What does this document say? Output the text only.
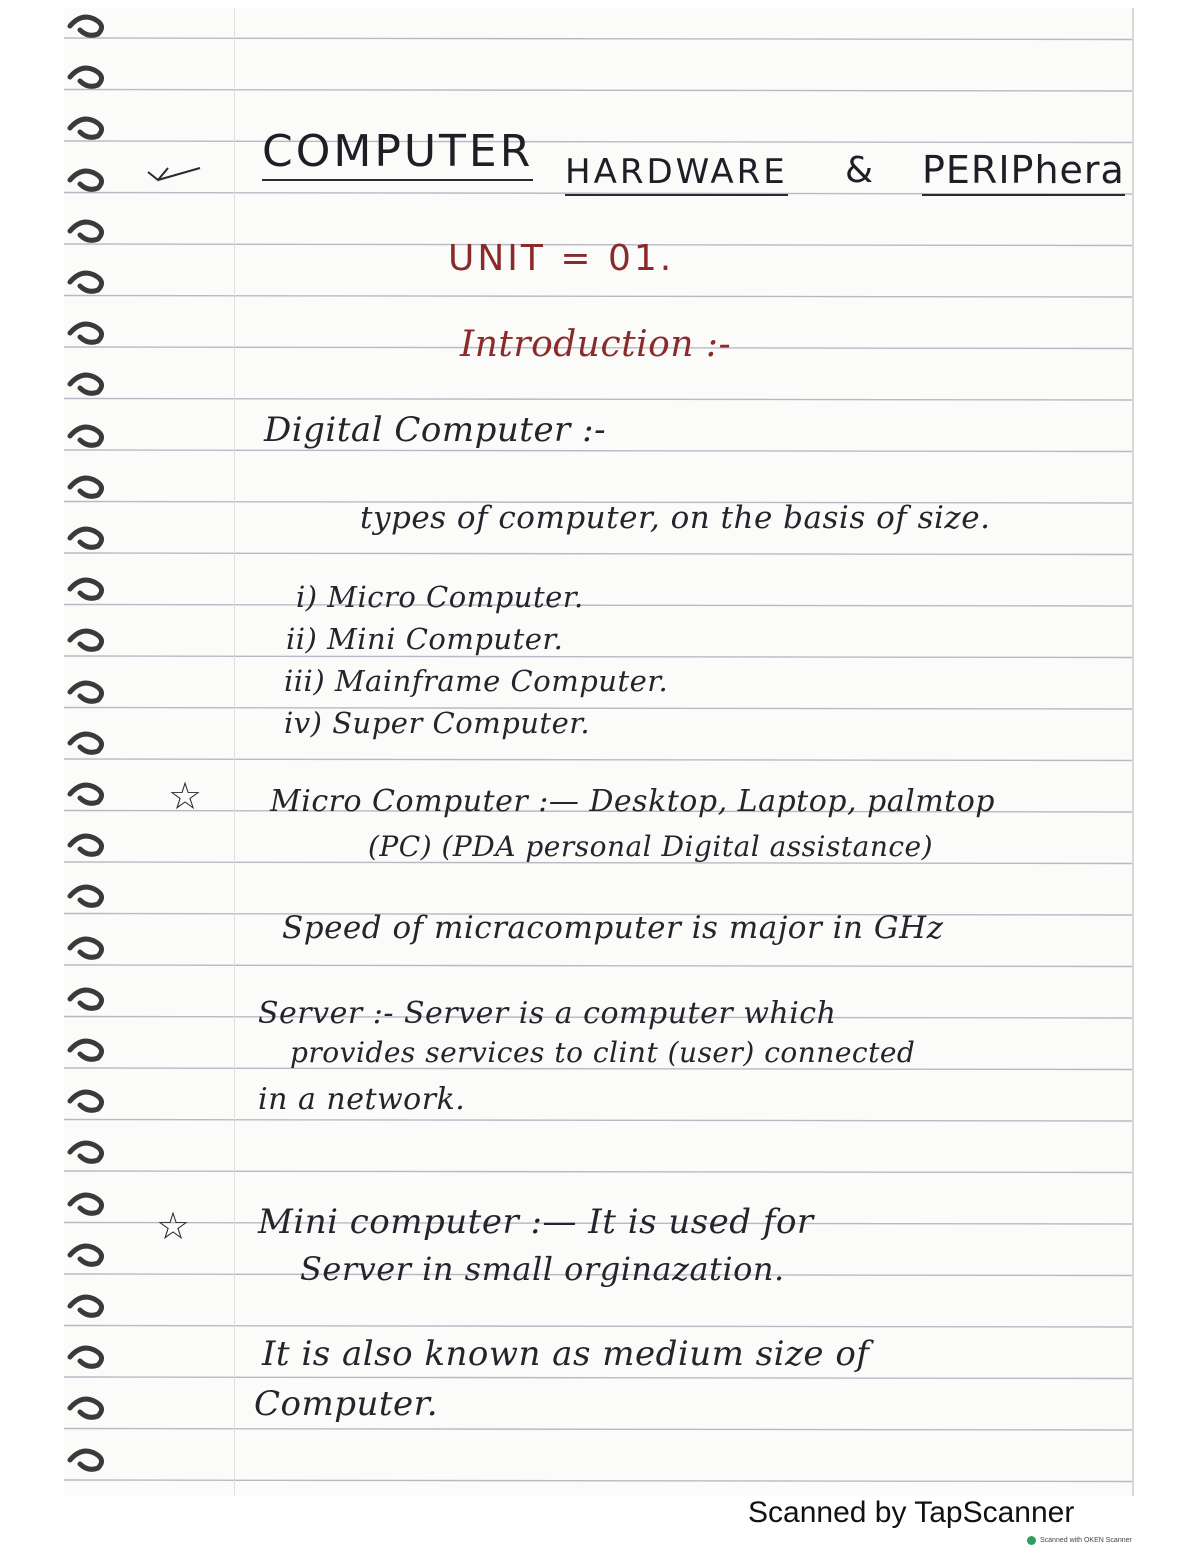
COMPUTER HARDWARE & PERIPhera
UNIT = 01.
Introduction :-
Digital Computer :-
types of computer, on the basis of size.
i) Micro Computer.
ii) Mini Computer.
iii) Mainframe Computer.
iv) Super Computer.
☆ Micro Computer :— Desktop, Laptop, palmtop
(PC) (PDA personal Digital assistance)
Speed of micracomputer is major in GHz
Server :- Server is a computer which
provides services to clint (user) connected
in a network.
☆ Mini computer :— It is used for
Server in small orginazation.
It is also known as medium size of
Computer.
Scanned by TapScanner
Scanned with OKEN Scanner
